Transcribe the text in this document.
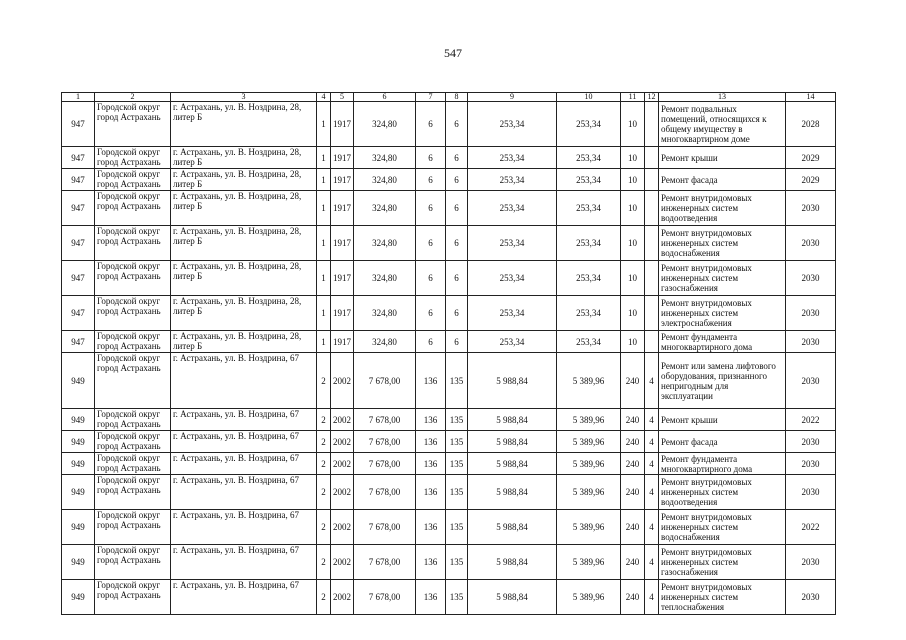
547
1	2	3	4	5	6	7	8	9	10	11	12	13	14
947	Городской округ
город Астрахань	г. Астрахань, ул. В. Ноздрина, 28,
литер Б	1	1917	324,80	6	6	253,34	253,34	10		Ремонт подвальных
помещений, относящихся к
общему имуществу в
многоквартирном доме	2028
947	Городской округ
город Астрахань	г. Астрахань, ул. В. Ноздрина, 28,
литер Б	1	1917	324,80	6	6	253,34	253,34	10		Ремонт крыши	2029
947	Городской округ
город Астрахань	г. Астрахань, ул. В. Ноздрина, 28,
литер Б	1	1917	324,80	6	6	253,34	253,34	10		Ремонт фасада	2029
947	Городской округ
город Астрахань	г. Астрахань, ул. В. Ноздрина, 28,
литер Б	1	1917	324,80	6	6	253,34	253,34	10		Ремонт внутридомовых
инженерных систем
водоотведения	2030
947	Городской округ
город Астрахань	г. Астрахань, ул. В. Ноздрина, 28,
литер Б	1	1917	324,80	6	6	253,34	253,34	10		Ремонт внутридомовых
инженерных систем
водоснабжения	2030
947	Городской округ
город Астрахань	г. Астрахань, ул. В. Ноздрина, 28,
литер Б	1	1917	324,80	6	6	253,34	253,34	10		Ремонт внутридомовых
инженерных систем
газоснабжения	2030
947	Городской округ
город Астрахань	г. Астрахань, ул. В. Ноздрина, 28,
литер Б	1	1917	324,80	6	6	253,34	253,34	10		Ремонт внутридомовых
инженерных систем
электроснабжения	2030
947	Городской округ
город Астрахань	г. Астрахань, ул. В. Ноздрина, 28,
литер Б	1	1917	324,80	6	6	253,34	253,34	10		Ремонт фундамента
многоквартирного дома	2030
949	Городской округ
город Астрахань	г. Астрахань, ул. В. Ноздрина, 67	2	2002	7 678,00	136	135	5 988,84	5 389,96	240	4	Ремонт или замена лифтового
оборудования, признанного
непригодным для
эксплуатации	2030
949	Городской округ
город Астрахань	г. Астрахань, ул. В. Ноздрина, 67	2	2002	7 678,00	136	135	5 988,84	5 389,96	240	4	Ремонт крыши	2022
949	Городской округ
город Астрахань	г. Астрахань, ул. В. Ноздрина, 67	2	2002	7 678,00	136	135	5 988,84	5 389,96	240	4	Ремонт фасада	2030
949	Городской округ
город Астрахань	г. Астрахань, ул. В. Ноздрина, 67	2	2002	7 678,00	136	135	5 988,84	5 389,96	240	4	Ремонт фундамента
многоквартирного дома	2030
949	Городской округ
город Астрахань	г. Астрахань, ул. В. Ноздрина, 67	2	2002	7 678,00	136	135	5 988,84	5 389,96	240	4	Ремонт внутридомовых
инженерных систем
водоотведения	2030
949	Городской округ
город Астрахань	г. Астрахань, ул. В. Ноздрина, 67	2	2002	7 678,00	136	135	5 988,84	5 389,96	240	4	Ремонт внутридомовых
инженерных систем
водоснабжения	2022
949	Городской округ
город Астрахань	г. Астрахань, ул. В. Ноздрина, 67	2	2002	7 678,00	136	135	5 988,84	5 389,96	240	4	Ремонт внутридомовых
инженерных систем
газоснабжения	2030
949	Городской округ
город Астрахань	г. Астрахань, ул. В. Ноздрина, 67	2	2002	7 678,00	136	135	5 988,84	5 389,96	240	4	Ремонт внутридомовых
инженерных систем
теплоснабжения	2030
